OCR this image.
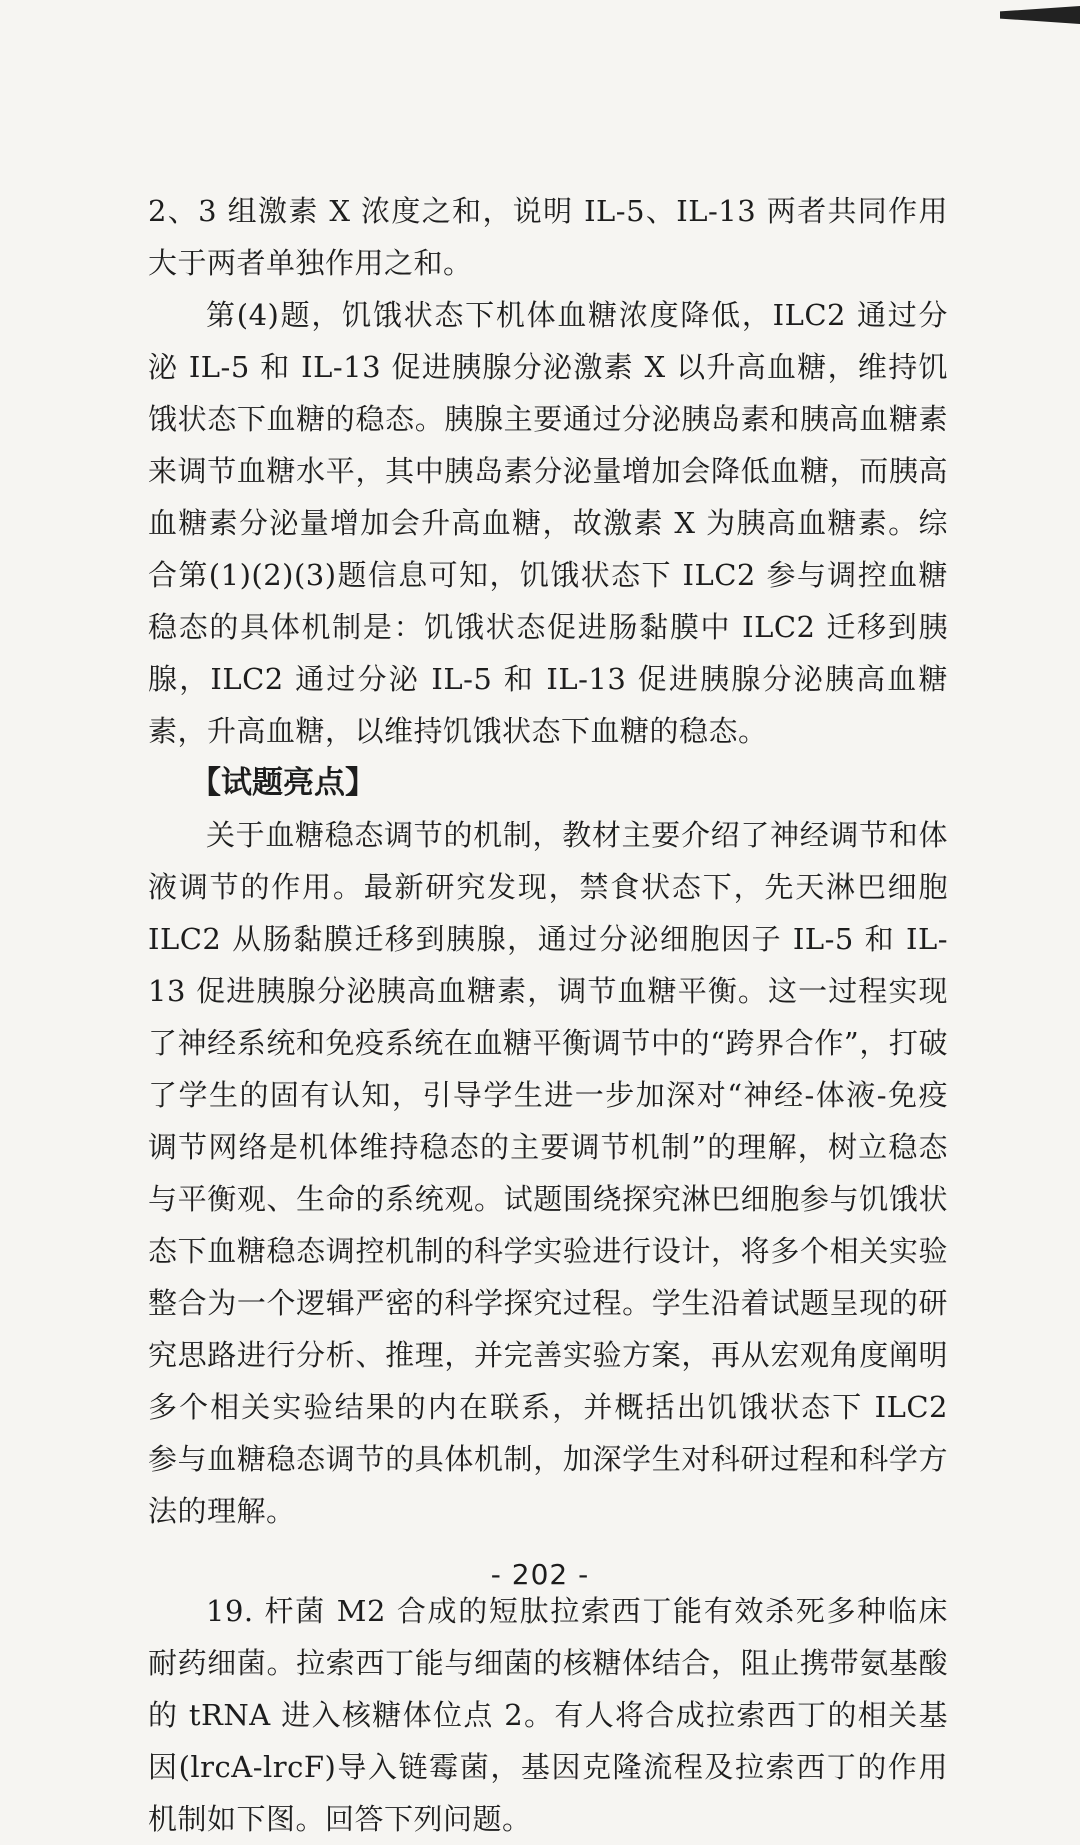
2、3 组激素 X 浓度之和，说明 IL-5、IL-13 两者共同作用大于两者单独作用之和。

第(4)题，饥饿状态下机体血糖浓度降低，ILC2 通过分泌 IL-5 和 IL-13 促进胰腺分泌激素 X 以升高血糖，维持饥饿状态下血糖的稳态。胰腺主要通过分泌胰岛素和胰高血糖素来调节血糖水平，其中胰岛素分泌量增加会降低血糖，而胰高血糖素分泌量增加会升高血糖，故激素 X 为胰高血糖素。综合第(1)(2)(3)题信息可知，饥饿状态下 ILC2 参与调控血糖稳态的具体机制是：饥饿状态促进肠黏膜中 ILC2 迁移到胰腺，ILC2 通过分泌 IL-5 和 IL-13 促进胰腺分泌胰高血糖素，升高血糖，以维持饥饿状态下血糖的稳态。

【试题亮点】

关于血糖稳态调节的机制，教材主要介绍了神经调节和体液调节的作用。最新研究发现，禁食状态下，先天淋巴细胞 ILC2 从肠黏膜迁移到胰腺，通过分泌细胞因子 IL-5 和 IL-13 促进胰腺分泌胰高血糖素，调节血糖平衡。这一过程实现了神经系统和免疫系统在血糖平衡调节中的“跨界合作”，打破了学生的固有认知，引导学生进一步加深对“神经-体液-免疫调节网络是机体维持稳态的主要调节机制”的理解，树立稳态与平衡观、生命的系统观。试题围绕探究淋巴细胞参与饥饿状态下血糖稳态调控机制的科学实验进行设计，将多个相关实验整合为一个逻辑严密的科学探究过程。学生沿着试题呈现的研究思路进行分析、推理，并完善实验方案，再从宏观角度阐明多个相关实验结果的内在联系，并概括出饥饿状态下 ILC2 参与血糖稳态调节的具体机制，加深学生对科研过程和科学方法的理解。

19. 杆菌 M2 合成的短肽拉索西丁能有效杀死多种临床耐药细菌。拉索西丁能与细菌的核糖体结合，阻止携带氨基酸的 tRNA 进入核糖体位点 2。有人将合成拉索西丁的相关基因(lrcA-lrcF)导入链霉菌，基因克隆流程及拉索西丁的作用机制如下图。回答下列问题。

- 202 -
